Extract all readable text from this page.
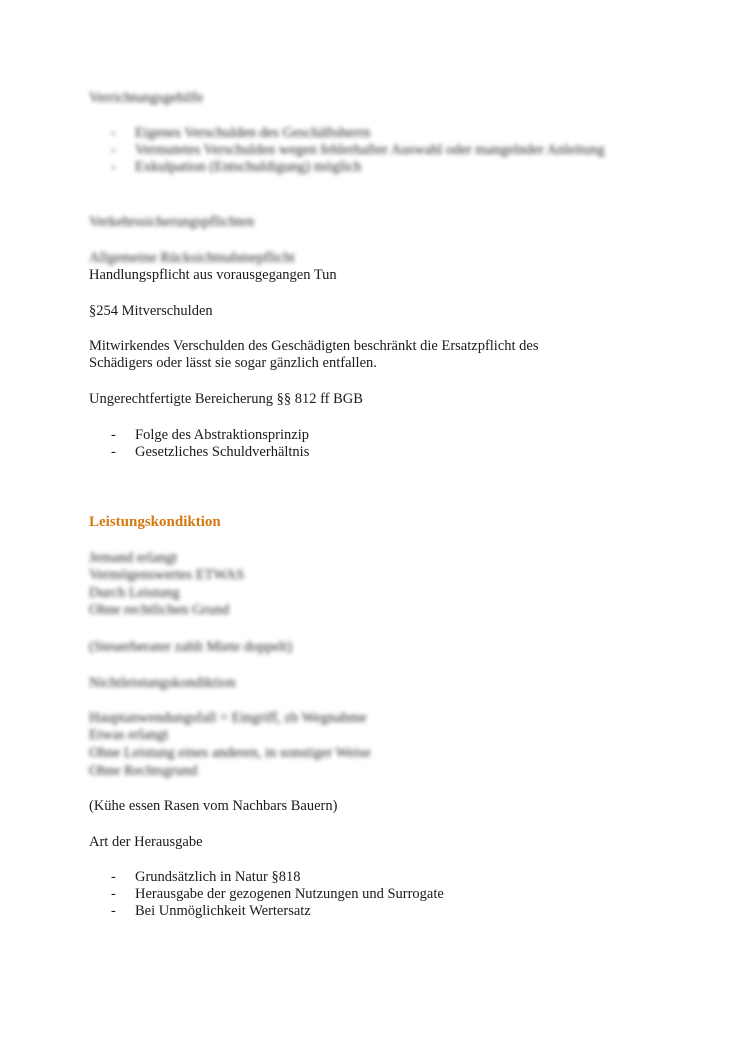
Verrichtungsgehilfe
- Eigenes Verschulden des Geschäftsherrn
- Vermutetes Verschulden wegen fehlerhafter Auswahl oder mangelnder Anleitung
- Exkulpation (Entschuldigung) möglich
Verkehrssicherungspflichten
Allgemeine Rücksichtnahmepflicht
Handlungspflicht aus vorausgegangen Tun
§254 Mitverschulden
Mitwirkendes Verschulden des Geschädigten beschränkt die Ersatzpflicht des
Schädigers oder lässt sie sogar gänzlich entfallen.
Ungerechtfertigte Bereicherung §§ 812 ff BGB
- Folge des Abstraktionsprinzip
- Gesetzliches Schuldverhältnis
Leistungskondiktion
Jemand erlangt
Vermögenswertes ETWAS
Durch Leistung
Ohne rechtlichen Grund
(Steuerberater zahlt Miete doppelt)
Nichtleistungskondiktion
Hauptanwendungsfall = Eingriff, zb Wegnahme
Etwas erlangt
Ohne Leistung eines anderen, in sonstiger Weise
Ohne Rechtsgrund
(Kühe essen Rasen vom Nachbars Bauern)
Art der Herausgabe
- Grundsätzlich in Natur §818
- Herausgabe der gezogenen Nutzungen und Surrogate
- Bei Unmöglichkeit Wertersatz
